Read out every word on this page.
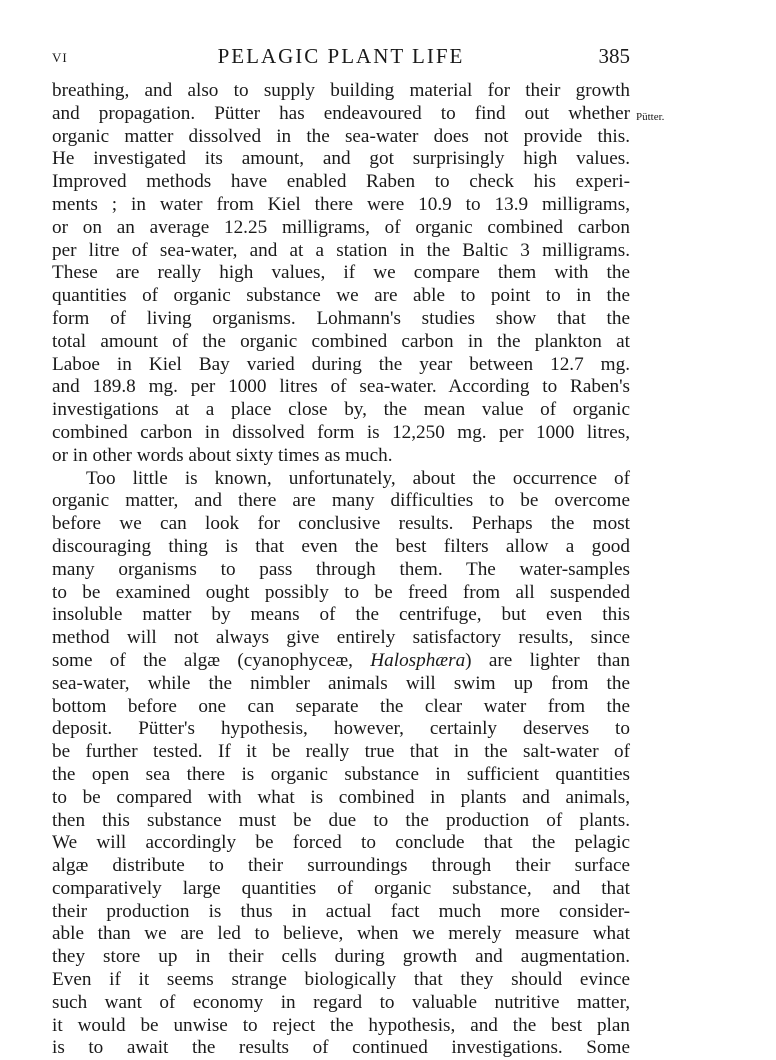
VI	PELAGIC PLANT LIFE	385
Pütter.
breathing, and also to supply building material for their growth
and propagation. Pütter has endeavoured to find out whether
organic matter dissolved in the sea-water does not provide this.
He investigated its amount, and got surprisingly high values.
Improved methods have enabled Raben to check his experi-
ments ; in water from Kiel there were 10.9 to 13.9 milligrams,
or on an average 12.25 milligrams, of organic combined carbon
per litre of sea-water, and at a station in the Baltic 3 milligrams.
These are really high values, if we compare them with the
quantities of organic substance we are able to point to in the
form of living organisms. Lohmann's studies show that the
total amount of the organic combined carbon in the plankton at
Laboe in Kiel Bay varied during the year between 12.7 mg.
and 189.8 mg. per 1000 litres of sea-water. According to Raben's
investigations at a place close by, the mean value of organic
combined carbon in dissolved form is 12,250 mg. per 1000 litres,
or in other words about sixty times as much.
Too little is known, unfortunately, about the occurrence of
organic matter, and there are many difficulties to be overcome
before we can look for conclusive results. Perhaps the most
discouraging thing is that even the best filters allow a good
many organisms to pass through them. The water-samples
to be examined ought possibly to be freed from all suspended
insoluble matter by means of the centrifuge, but even this
method will not always give entirely satisfactory results, since
some of the algæ (cyanophyceæ, Halosphæra) are lighter than
sea-water, while the nimbler animals will swim up from the
bottom before one can separate the clear water from the
deposit. Pütter's hypothesis, however, certainly deserves to
be further tested. If it be really true that in the salt-water of
the open sea there is organic substance in sufficient quantities
to be compared with what is combined in plants and animals,
then this substance must be due to the production of plants.
We will accordingly be forced to conclude that the pelagic
algæ distribute to their surroundings through their surface
comparatively large quantities of organic substance, and that
their production is thus in actual fact much more consider-
able than we are led to believe, when we merely measure what
they store up in their cells during growth and augmentation.
Even if it seems strange biologically that they should evince
such want of economy in regard to valuable nutritive matter,
it would be unwise to reject the hypothesis, and the best plan
is to await the results of continued investigations. Some
